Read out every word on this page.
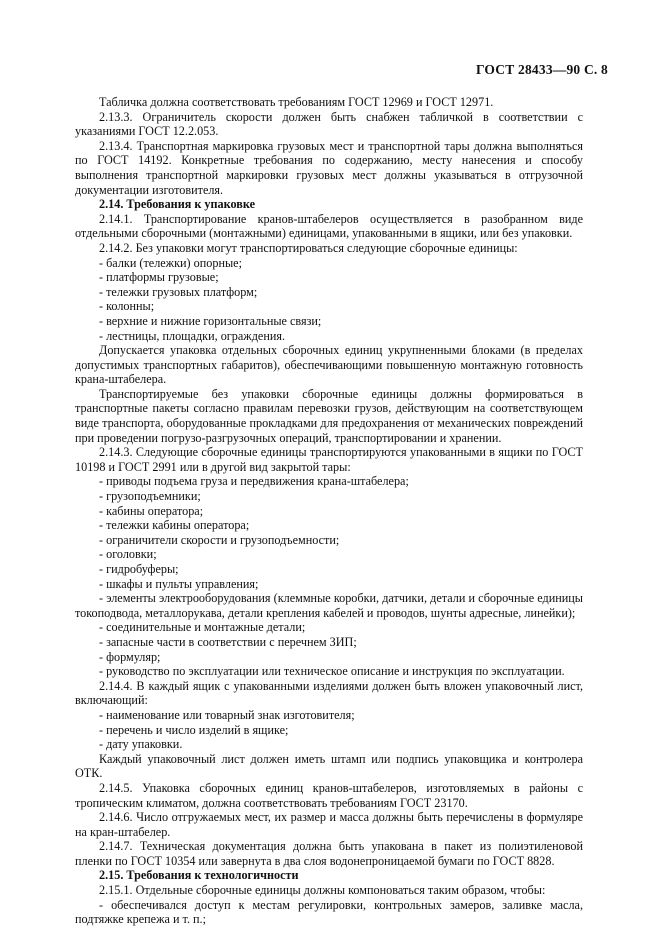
ГОСТ 28433—90 С. 8

Табличка должна соответствовать требованиям ГОСТ 12969 и ГОСТ 12971.

2.13.3. Ограничитель скорости должен быть снабжен табличкой в соответствии с указаниями ГОСТ 12.2.053.

2.13.4. Транспортная маркировка грузовых мест и транспортной тары должна выполняться по ГОСТ 14192. Конкретные требования по содержанию, месту нанесения и способу выполнения транспортной маркировки грузовых мест должны указываться в отгрузочной документации изготовителя.

2.14. Требования к упаковке

2.14.1. Транспортирование кранов-штабелеров осуществляется в разобранном виде отдельными сборочными (монтажными) единицами, упакованными в ящики, или без упаковки.

2.14.2. Без упаковки могут транспортироваться следующие сборочные единицы:

- балки (тележки) опорные;

- платформы грузовые;

- тележки грузовых платформ;

- колонны;

- верхние и нижние горизонтальные связи;

- лестницы, площадки, ограждения.

Допускается упаковка отдельных сборочных единиц укрупненными блоками (в пределах допустимых транспортных габаритов), обеспечивающими повышенную монтажную готовность крана-штабелера.

Транспортируемые без упаковки сборочные единицы должны формироваться в транспортные пакеты согласно правилам перевозки грузов, действующим на соответствующем виде транспорта, оборудованные прокладками для предохранения от механических повреждений при проведении погрузо-разгрузочных операций, транспортировании и хранении.

2.14.3. Следующие сборочные единицы транспортируются упакованными в ящики по ГОСТ 10198 и ГОСТ 2991 или в другой вид закрытой тары:

- приводы подъема груза и передвижения крана-штабелера;

- грузоподъемники;

- кабины оператора;

- тележки кабины оператора;

- ограничители скорости и грузоподъемности;

- оголовки;

- гидробуферы;

- шкафы и пульты управления;

- элементы электрооборудования (клеммные коробки, датчики, детали и сборочные единицы токоподвода, металлорукава, детали крепления кабелей и проводов, шунты адресные, линейки);

- соединительные и монтажные детали;

- запасные части в соответствии с перечнем ЗИП;

- формуляр;

- руководство по эксплуатации или техническое описание и инструкция по эксплуатации.

2.14.4. В каждый ящик с упакованными изделиями должен быть вложен упаковочный лист, включающий:

- наименование или товарный знак изготовителя;

- перечень и число изделий в ящике;

- дату упаковки.

Каждый упаковочный лист должен иметь штамп или подпись упаковщика и контролера ОТК.

2.14.5. Упаковка сборочных единиц кранов-штабелеров, изготовляемых в районы с тропическим климатом, должна соответствовать требованиям ГОСТ 23170.

2.14.6. Число отгружаемых мест, их размер и масса должны быть перечислены в формуляре на кран-штабелер.

2.14.7. Техническая документация должна быть упакована в пакет из полиэтиленовой пленки по ГОСТ 10354 или завернута в два слоя водонепроницаемой бумаги по ГОСТ 8828.

2.15. Требования к технологичности

2.15.1. Отдельные сборочные единицы должны компоноваться таким образом, чтобы:

- обеспечивался доступ к местам регулировки, контрольных замеров, заливке масла, подтяжке крепежа и т. п.;
